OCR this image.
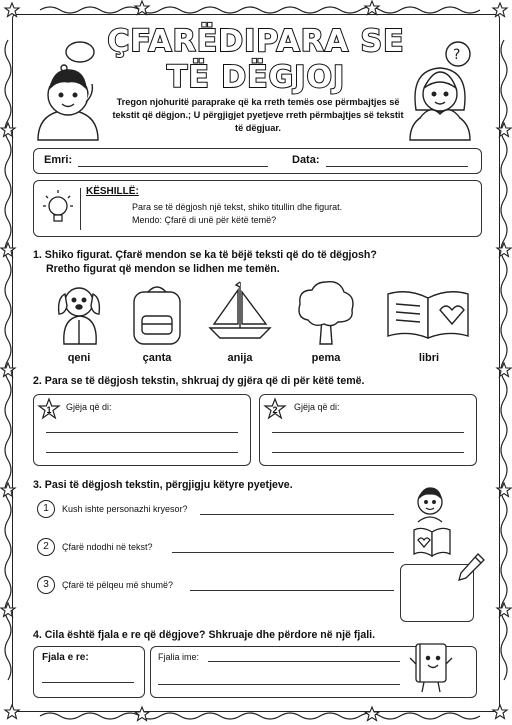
ÇFARËDIPARA SE
TË DËGJOJ
Tregon njohuritë paraprake që ka rreth temës ose përmbajtjes së tekstit që dëgjon.; U përgjigjet pyetjeve rreth përmbajtjes së tekstit të dëgjuar.
?
Emri:	Data:
KËSHILLË:
Para se të dëgjosh një tekst, shiko titullin dhe figurat.
Mendo: Çfarë di unë për këtë temë?
1. Shiko figurat. Çfarë mendon se ka të bëjë teksti që do të dëgjosh?
Rretho figurat që mendon se lidhen me temën.
qeni	çanta	anija	pema	libri
2. Para se të dëgjosh tekstin, shkruaj dy gjëra që di për këtë temë.
1	2
Gjëja që di:	Gjëja që di:
3. Pasi të dëgjosh tekstin, përgjigju këtyre pyetjeve.
1	Kush ishte personazhi kryesor?
2	Çfarë ndodhi në tekst?
3	Çfarë të pëlqeu më shumë?
4. Cila është fjala e re që dëgjove? Shkruaje dhe përdore në një fjali.
Fjala e re:	Fjalia ime:
